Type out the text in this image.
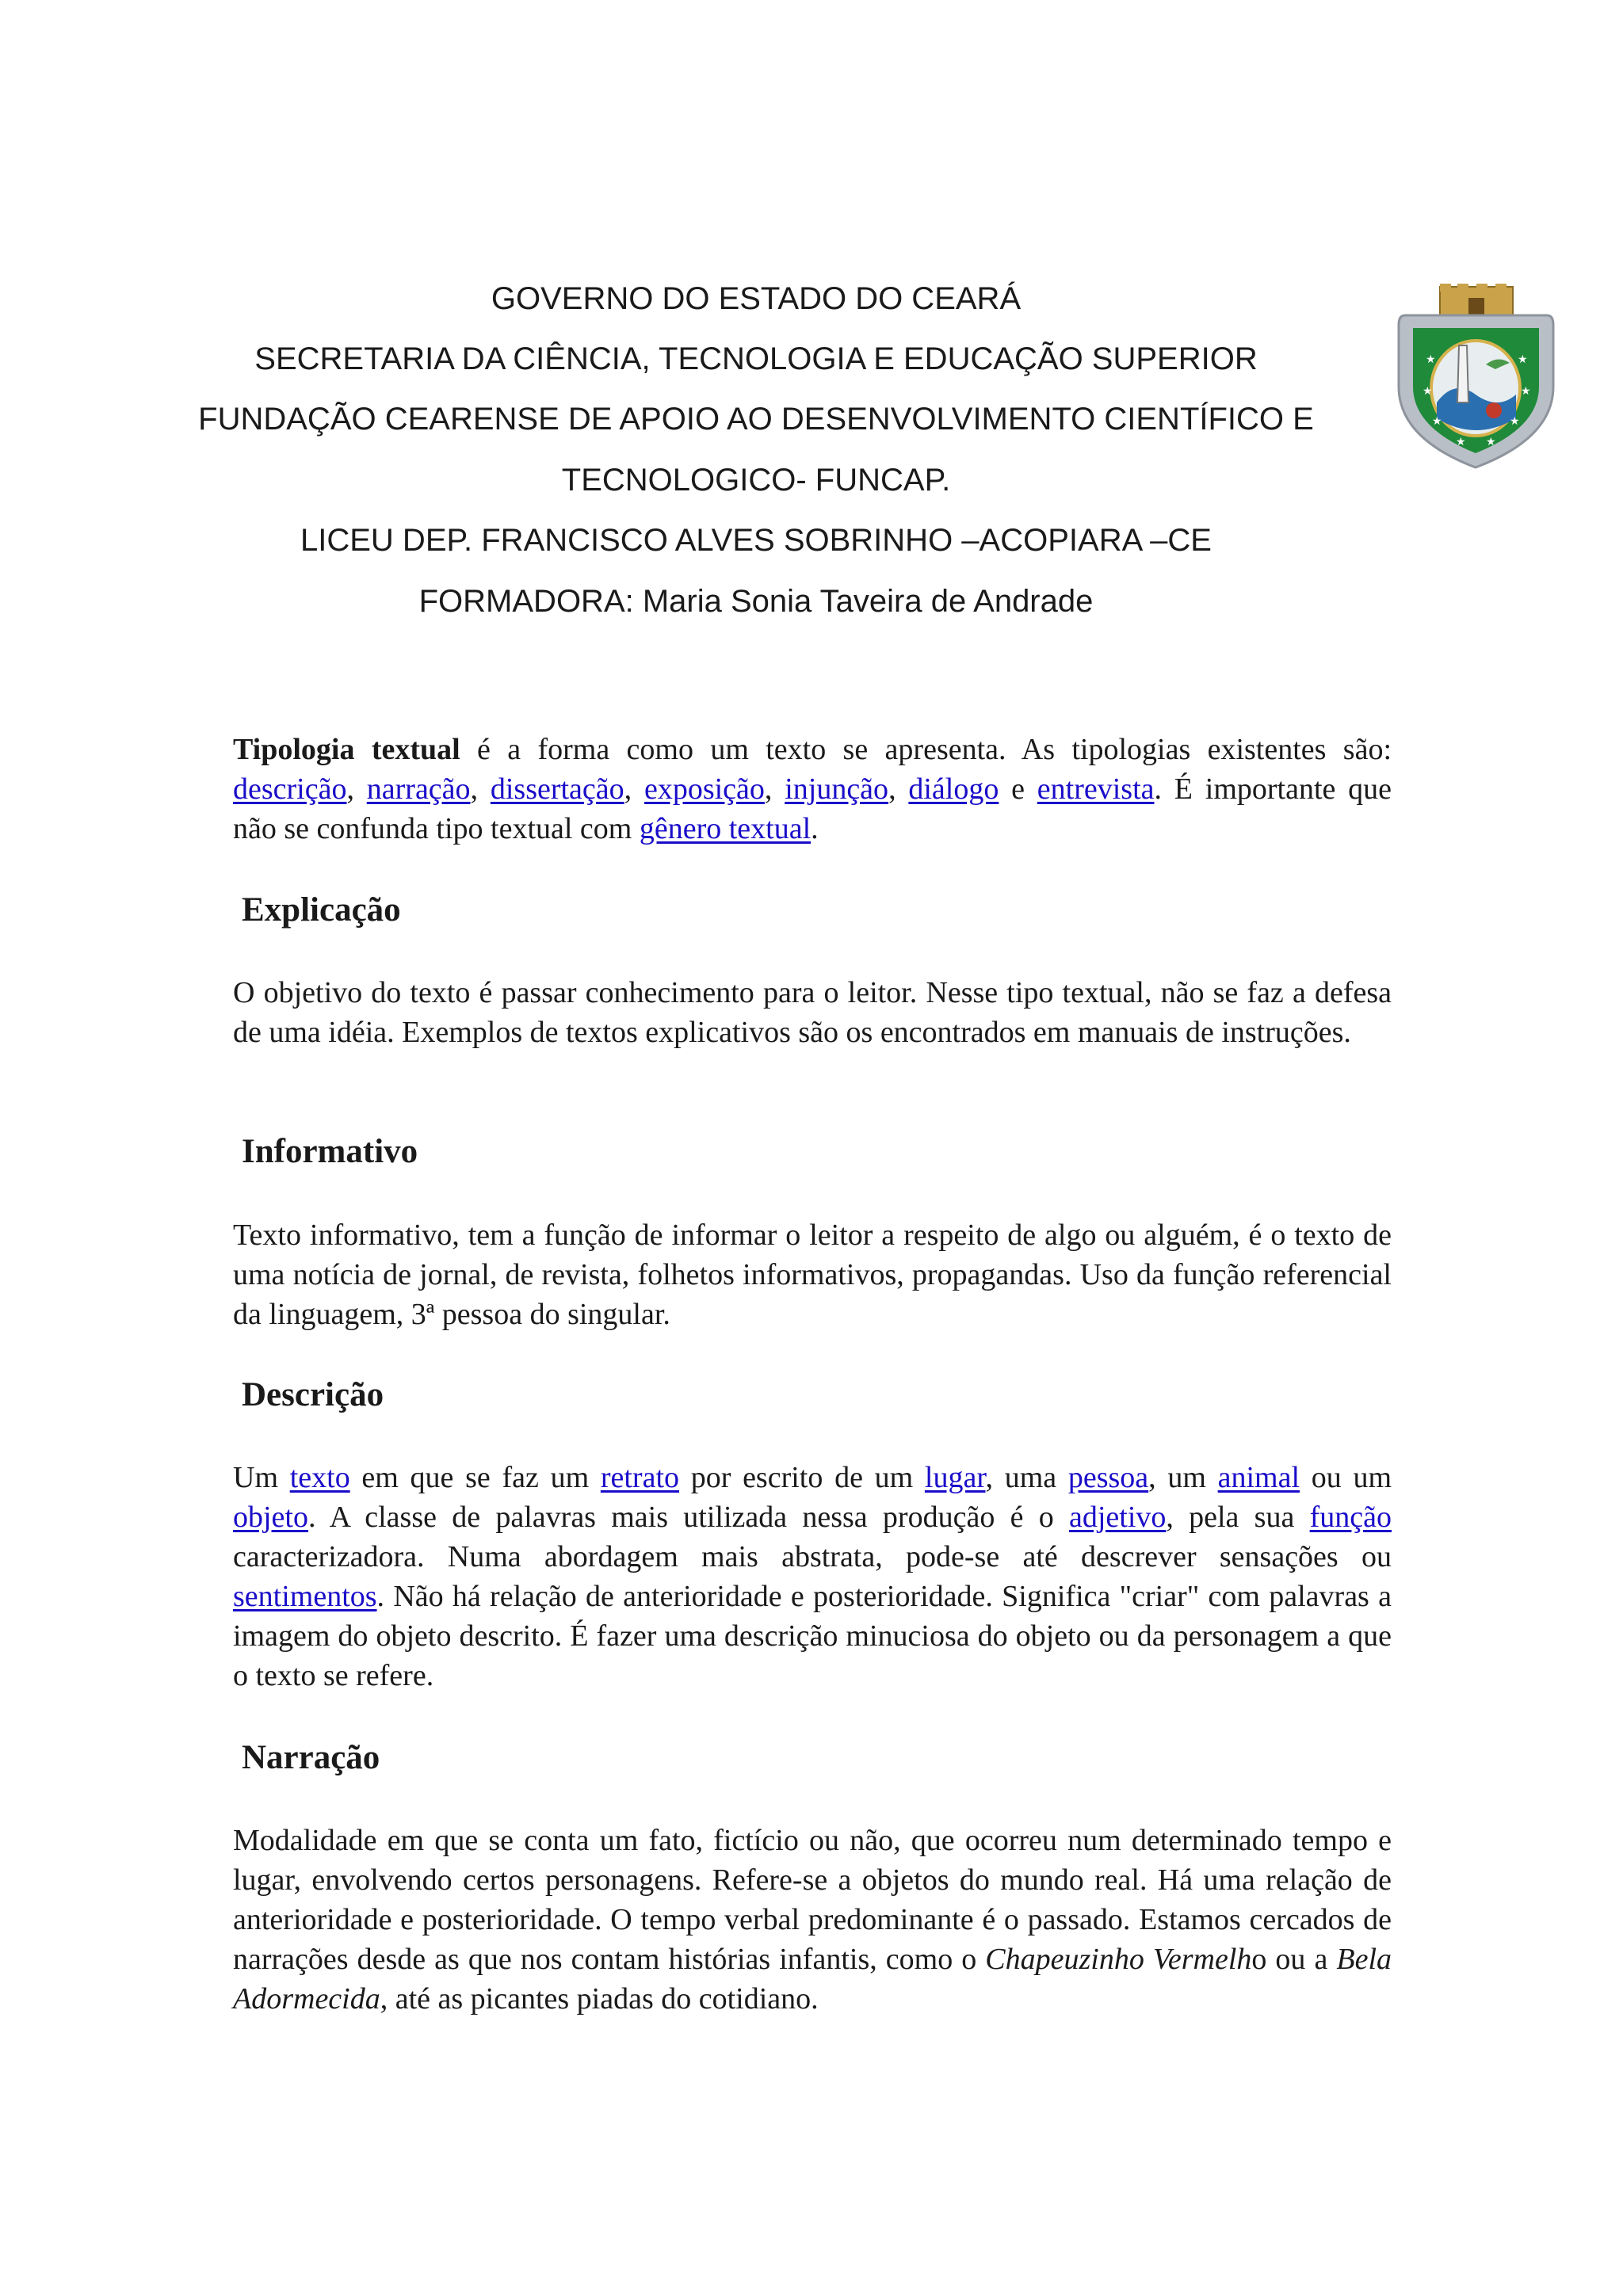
GOVERNO DO ESTADO DO CEARÁ
SECRETARIA DA CIÊNCIA, TECNOLOGIA E EDUCAÇÃO SUPERIOR
FUNDAÇÃO CEARENSE DE APOIO AO DESENVOLVIMENTO CIENTÍFICO E
TECNOLOGICO- FUNCAP.
LICEU DEP. FRANCISCO ALVES SOBRINHO –ACOPIARA –CE
FORMADORA: Maria Sonia Taveira de Andrade
★
★
★
★
★
★
★ ★

Tipologia textual é a forma como um texto se apresenta. As tipologias existentes são: descrição, narração, dissertação, exposição, injunção, diálogo e entrevista. É importante que não se confunda tipo textual com gênero textual.

Explicação

O objetivo do texto é passar conhecimento para o leitor. Nesse tipo textual, não se faz a defesa de uma idéia. Exemplos de textos explicativos são os encontrados em manuais de instruções.

Informativo

Texto informativo, tem a função de informar o leitor a respeito de algo ou alguém, é o texto de uma notícia de jornal, de revista, folhetos informativos, propagandas. Uso da função referencial da linguagem, 3ª pessoa do singular.

Descrição

Um texto em que se faz um retrato por escrito de um lugar, uma pessoa, um animal ou um objeto. A classe de palavras mais utilizada nessa produção é o adjetivo, pela sua função caracterizadora. Numa abordagem mais abstrata, pode-se até descrever sensações ou sentimentos. Não há relação de anterioridade e posterioridade. Significa "criar" com palavras a imagem do objeto descrito. É fazer uma descrição minuciosa do objeto ou da personagem a que o texto se refere.

Narração

Modalidade em que se conta um fato, fictício ou não, que ocorreu num determinado tempo e lugar, envolvendo certos personagens. Refere-se a objetos do mundo real. Há uma relação de anterioridade e posterioridade. O tempo verbal predominante é o passado. Estamos cercados de narrações desde as que nos contam histórias infantis, como o Chapeuzinho Vermelho ou a Bela Adormecida, até as picantes piadas do cotidiano.
